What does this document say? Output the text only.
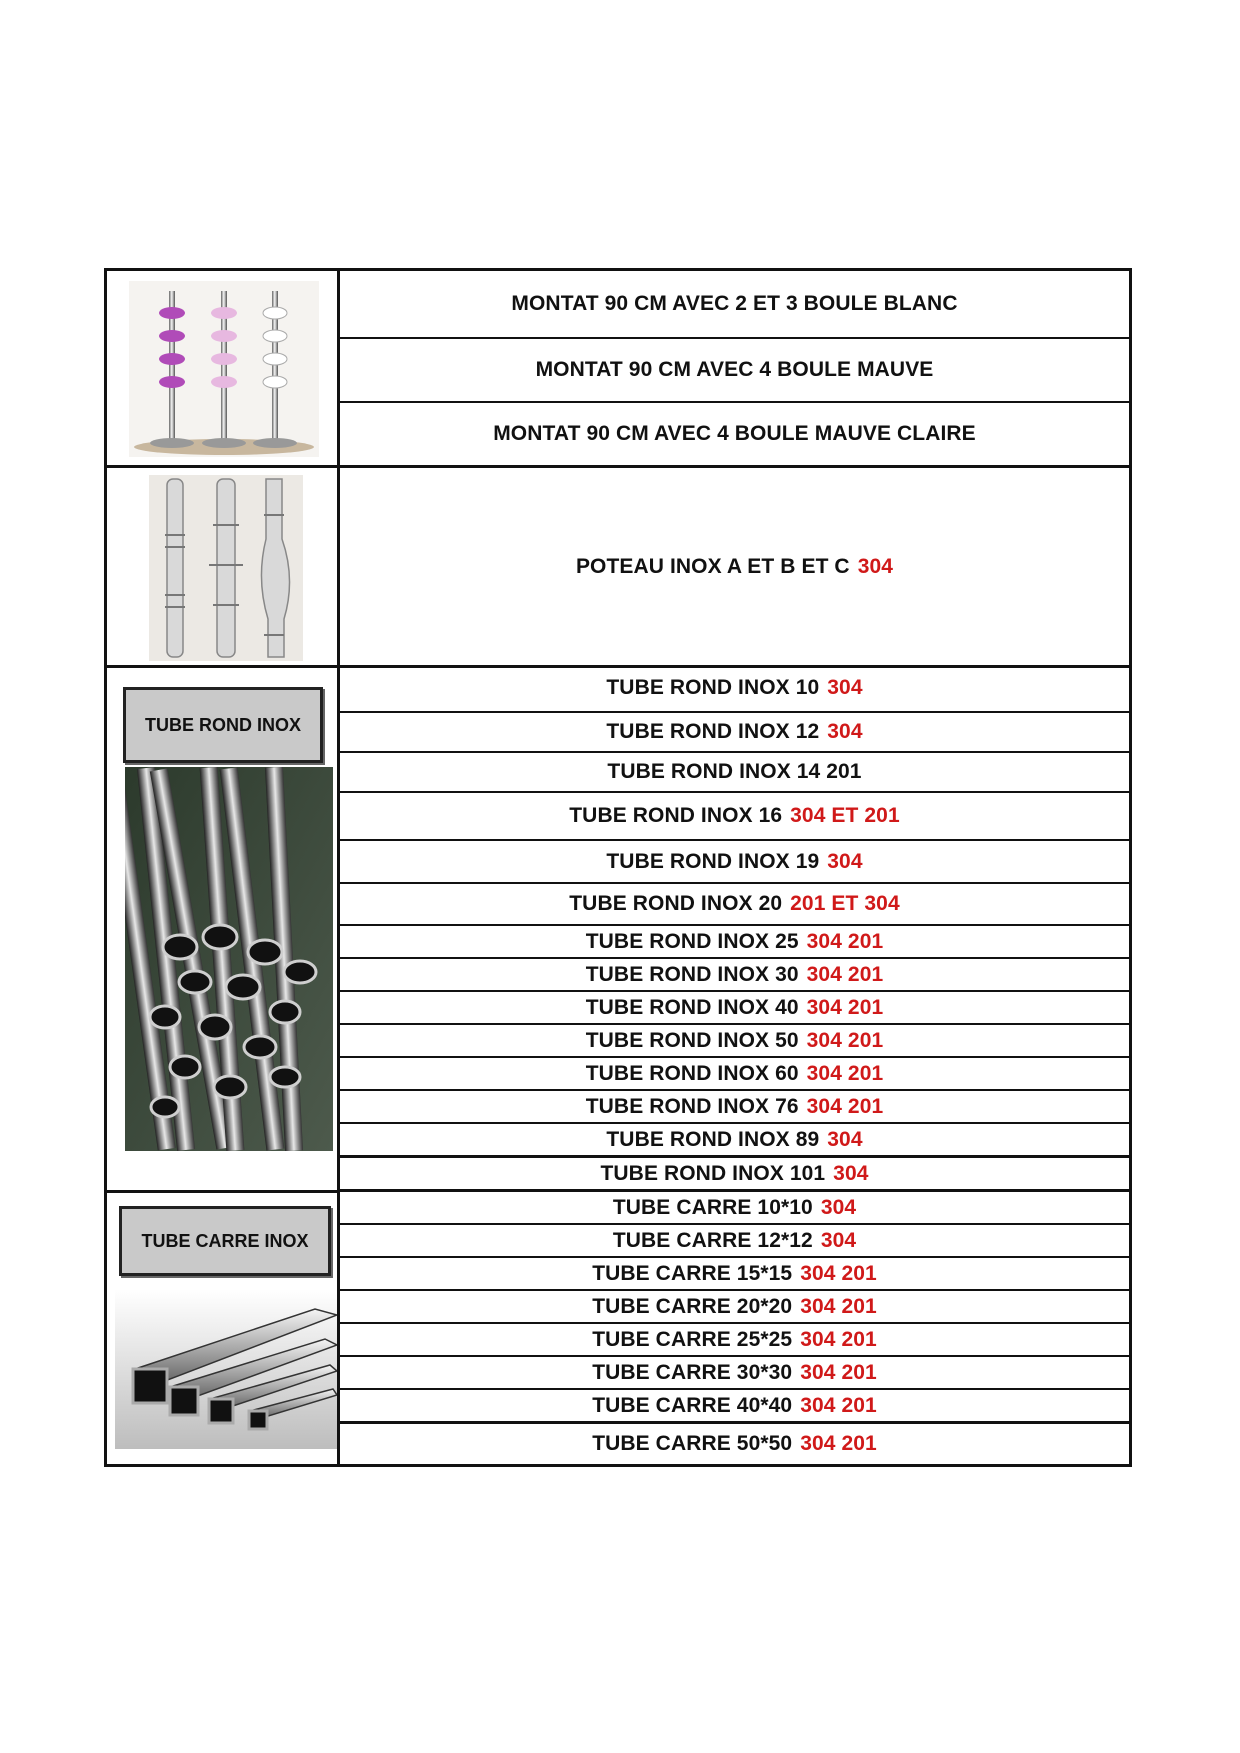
MONTAT 90 CM AVEC 2 ET 3 BOULE BLANC
MONTAT 90 CM AVEC 4 BOULE MAUVE
MONTAT 90 CM AVEC 4 BOULE MAUVE CLAIRE
POTEAU INOX A ET B ET C 304
TUBE ROND INOX
TUBE ROND INOX 10 304
TUBE ROND INOX 12 304
TUBE ROND INOX 14 201
TUBE ROND INOX 16 304 ET 201
TUBE ROND INOX 19 304
TUBE ROND INOX 20 201 ET 304
TUBE ROND INOX 25 304 201
TUBE ROND INOX 30 304 201
TUBE ROND INOX 40 304 201
TUBE ROND INOX 50 304 201
TUBE ROND INOX 60 304 201
TUBE ROND INOX 76 304 201
TUBE ROND INOX 89 304
TUBE ROND INOX 101 304
TUBE CARRE INOX
TUBE CARRE 10*10 304
TUBE CARRE 12*12 304
TUBE CARRE 15*15 304 201
TUBE CARRE 20*20 304 201
TUBE CARRE 25*25 304 201
TUBE CARRE 30*30 304 201
TUBE CARRE 40*40 304 201
TUBE CARRE 50*50 304 201
